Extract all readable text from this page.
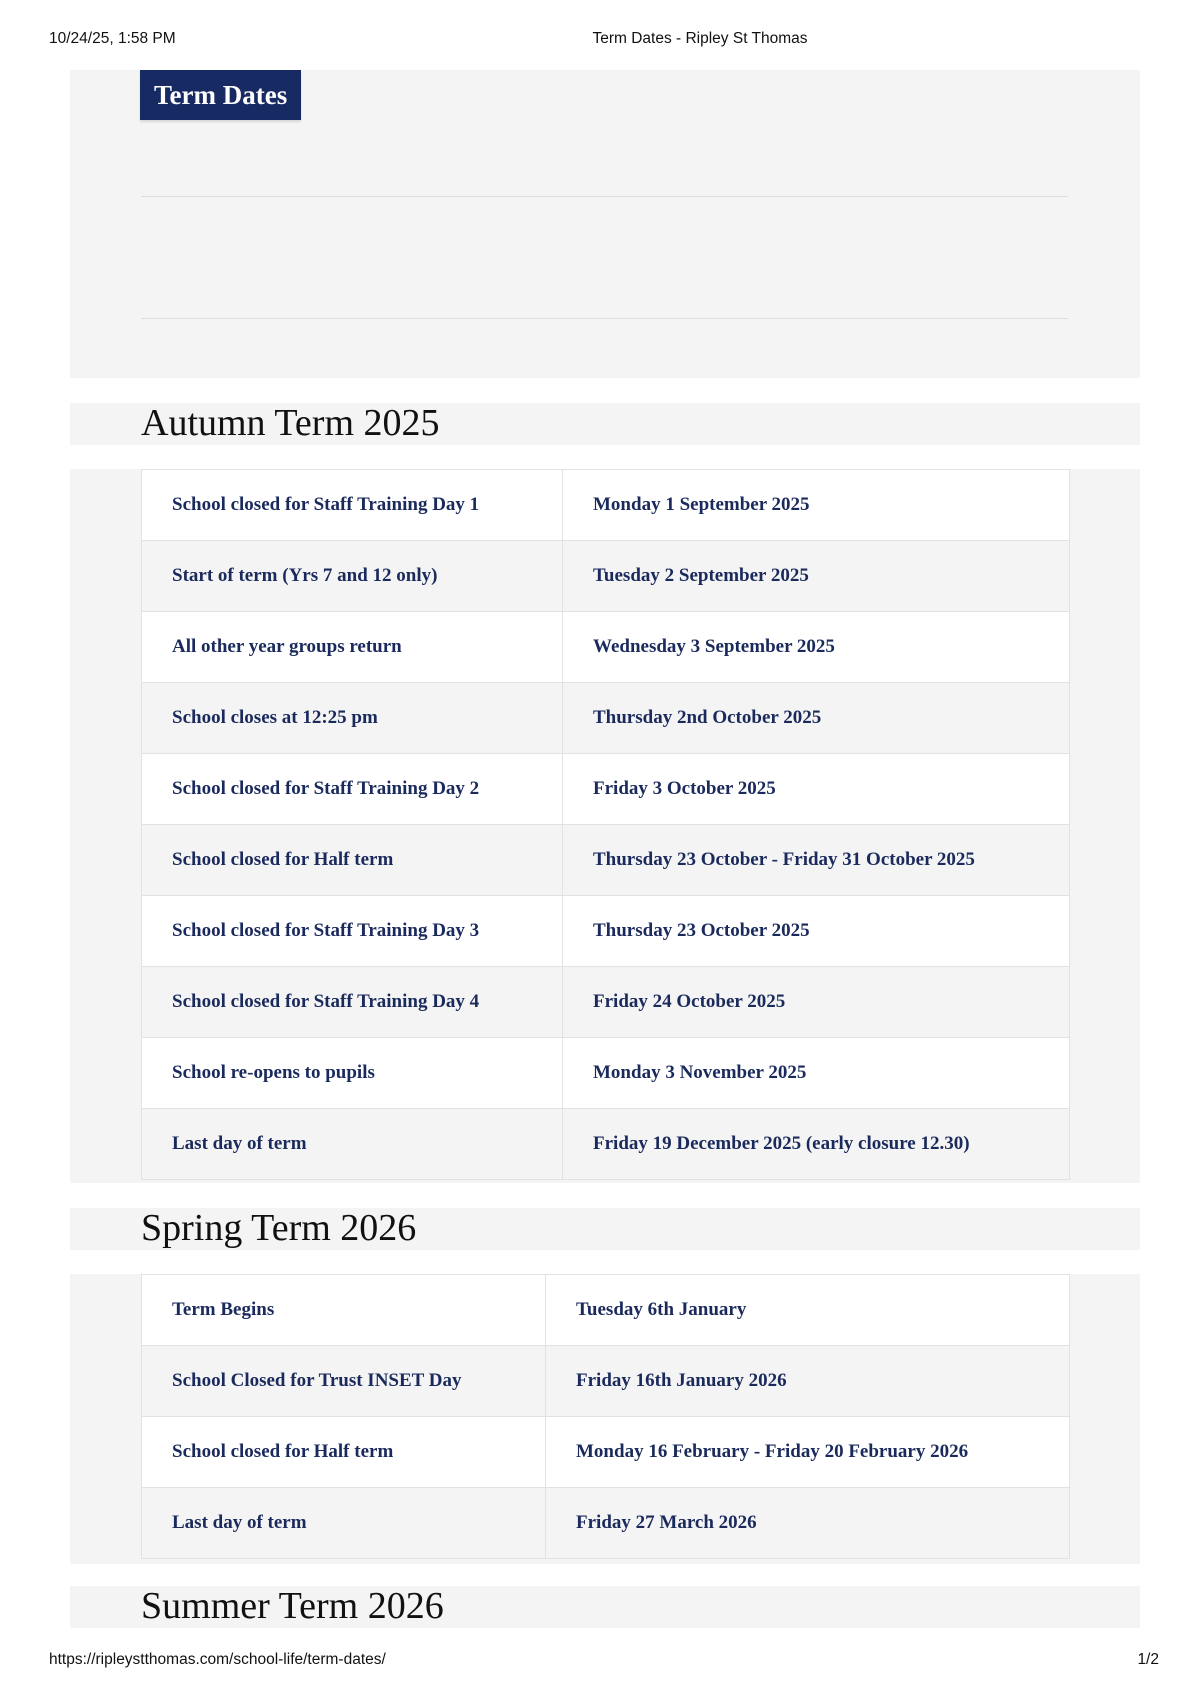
10/24/25, 1:58 PM	Term Dates - Ripley St Thomas
Term Dates
Autumn Term 2025
School closed for Staff Training Day 1	Monday 1 September 2025
Start of term (Yrs 7 and 12 only)	Tuesday 2 September 2025
All other year groups return	Wednesday 3 September 2025
School closes at 12:25 pm	Thursday 2nd October 2025
School closed for Staff Training Day 2	Friday 3 October 2025
School closed for Half term	Thursday 23 October - Friday 31 October 2025
School closed for Staff Training Day 3	Thursday 23 October 2025
School closed for Staff Training Day 4	Friday 24 October 2025
School re-opens to pupils	Monday 3 November 2025
Last day of term	Friday 19 December 2025 (early closure 12.30)
Spring Term 2026
Term Begins	Tuesday 6th January
School Closed for Trust INSET Day	Friday 16th January 2026
School closed for Half term	Monday 16 February - Friday 20 February 2026
Last day of term	Friday 27 March 2026
Summer Term 2026
https://ripleystthomas.com/school-life/term-dates/	1/2
